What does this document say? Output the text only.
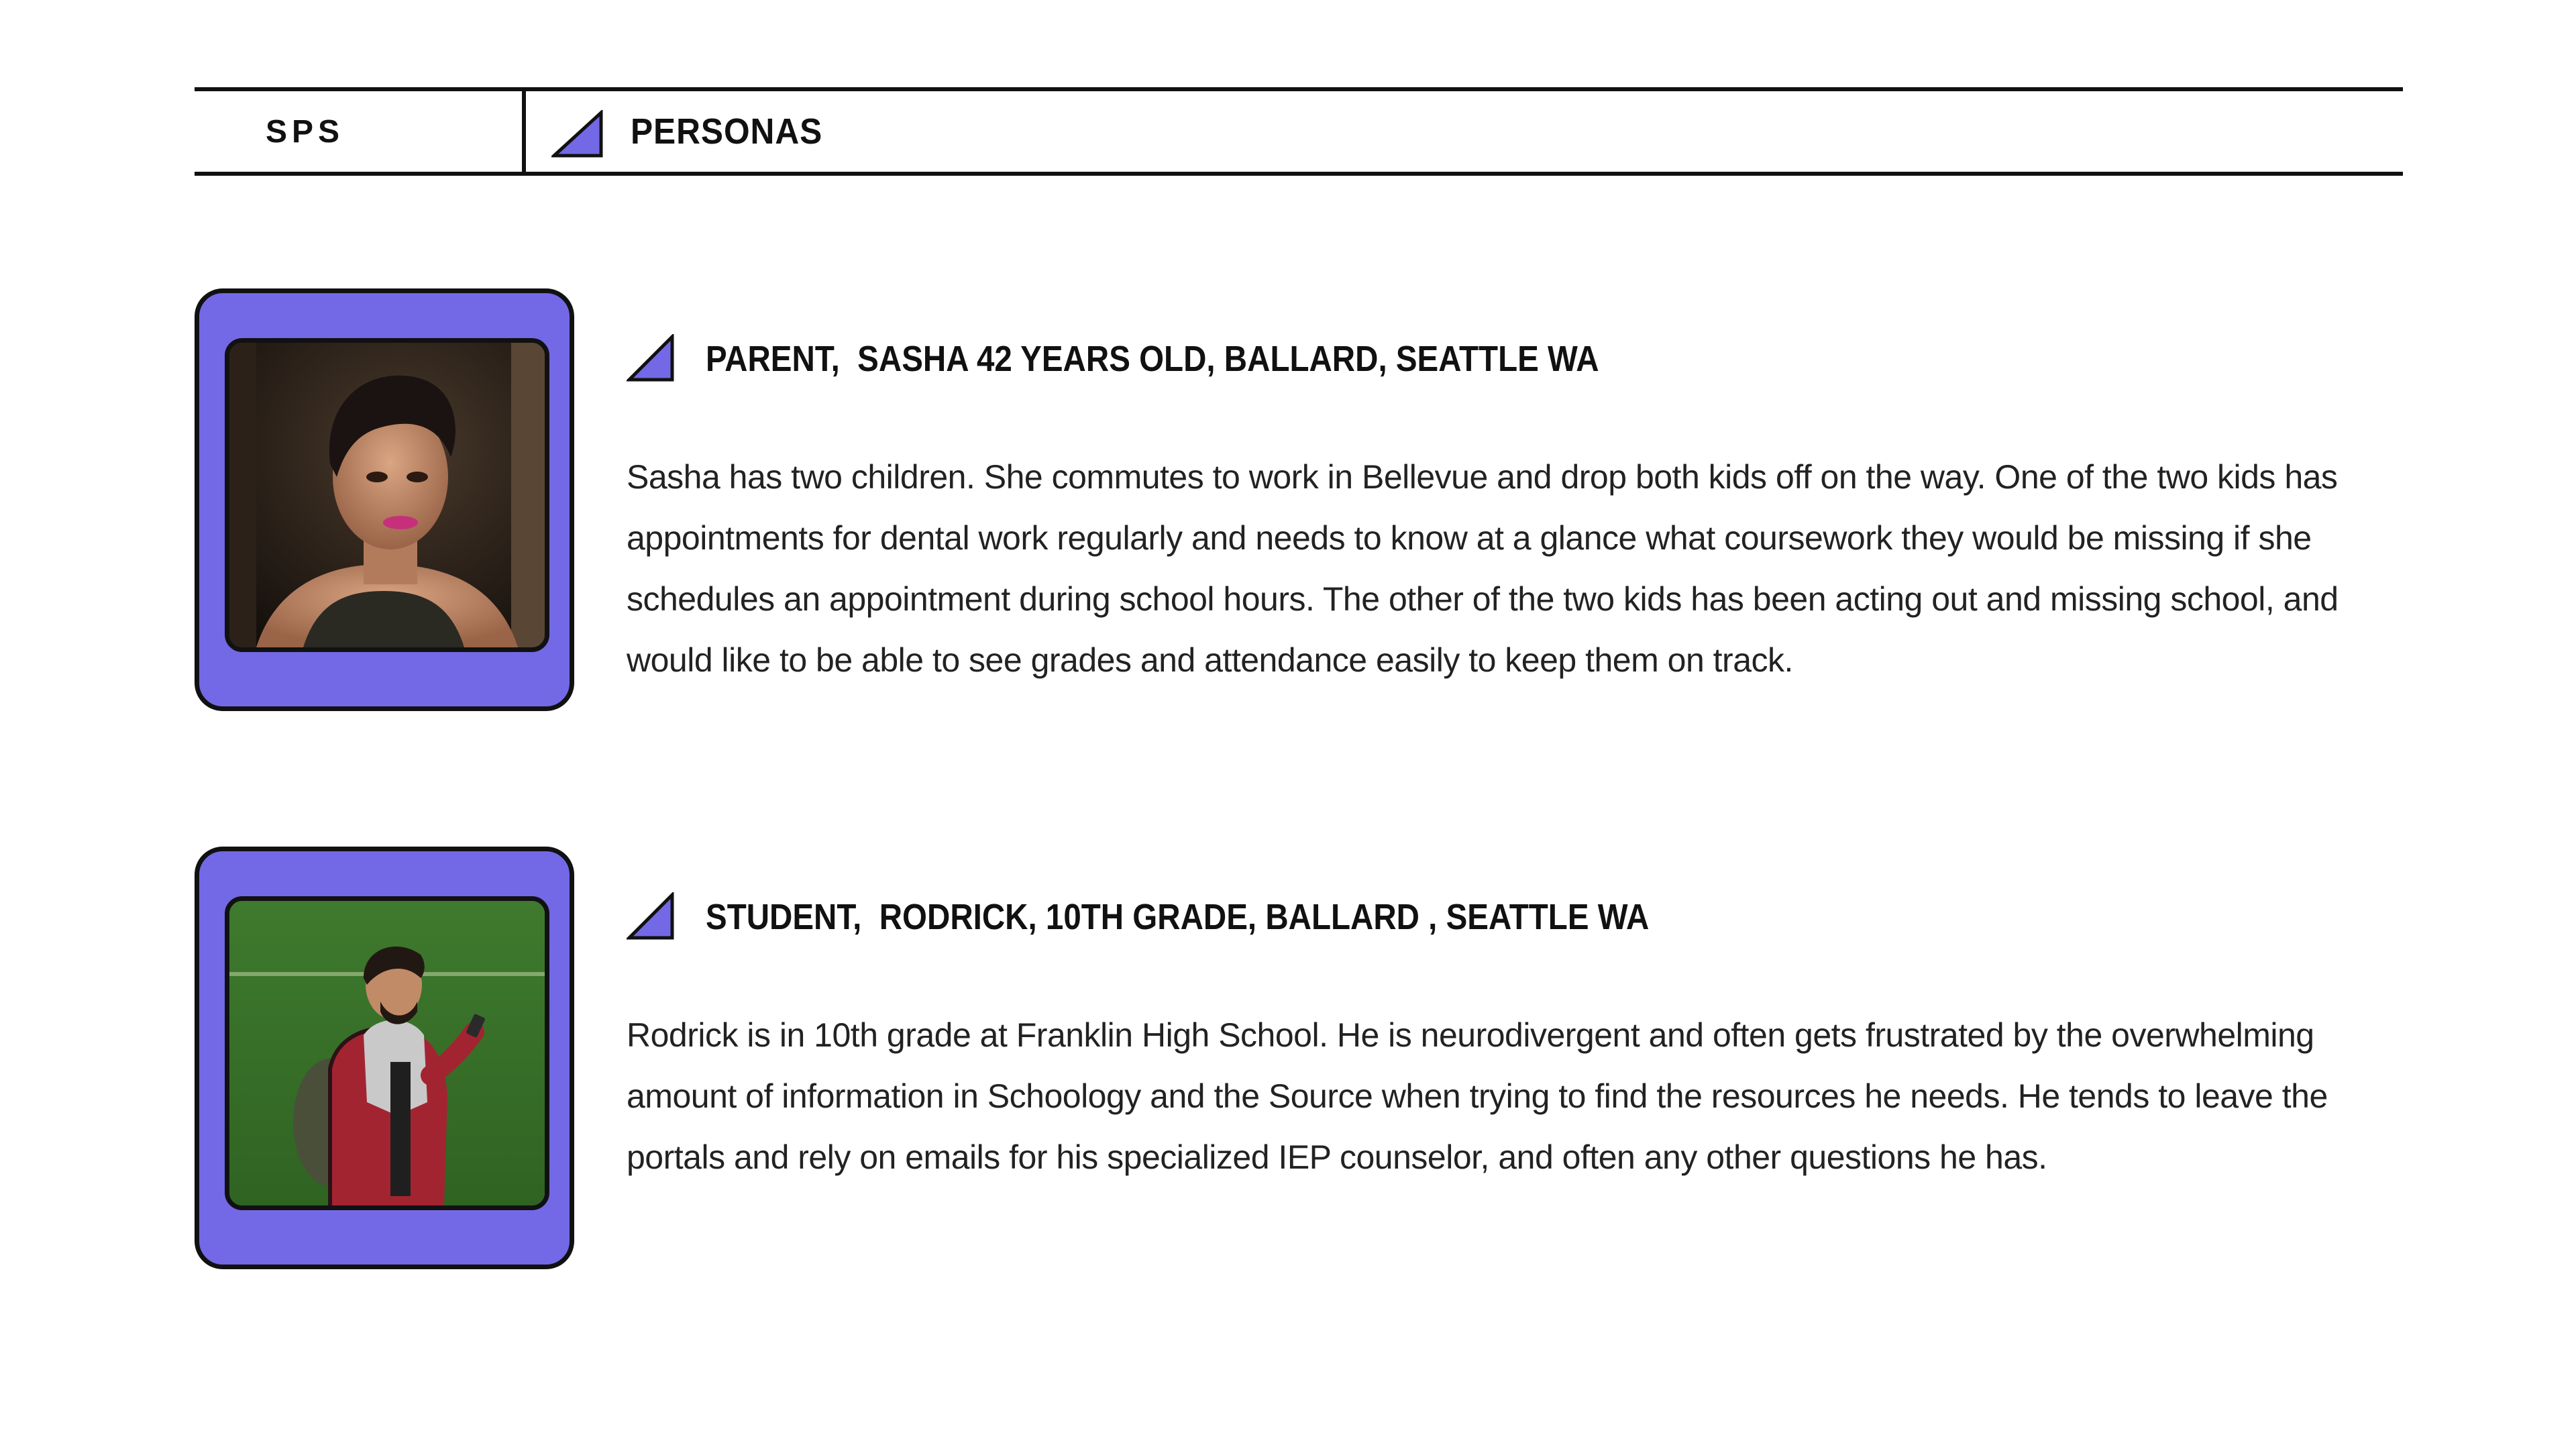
SPS	PERSONAS
PARENT,  SASHA 42 YEARS OLD, BALLARD, SEATTLE WA

Sasha has two children. She commutes to work in Bellevue and drop both kids off on the way. One of the two kids has appointments for dental work regularly and needs to know at a glance what coursework they would be missing if she schedules an appointment during school hours. The other of the two kids has been acting out and missing school, and would like to be able to see grades and attendance easily to keep them on track.

STUDENT,  RODRICK, 10TH GRADE, BALLARD , SEATTLE WA

Rodrick is in 10th grade at Franklin High School. He is neurodivergent and often gets frustrated by the overwhelming amount of information in Schoology and the Source when trying to find the resources he needs. He tends to leave the portals and rely on emails for his specialized IEP counselor, and often any other questions he has.
